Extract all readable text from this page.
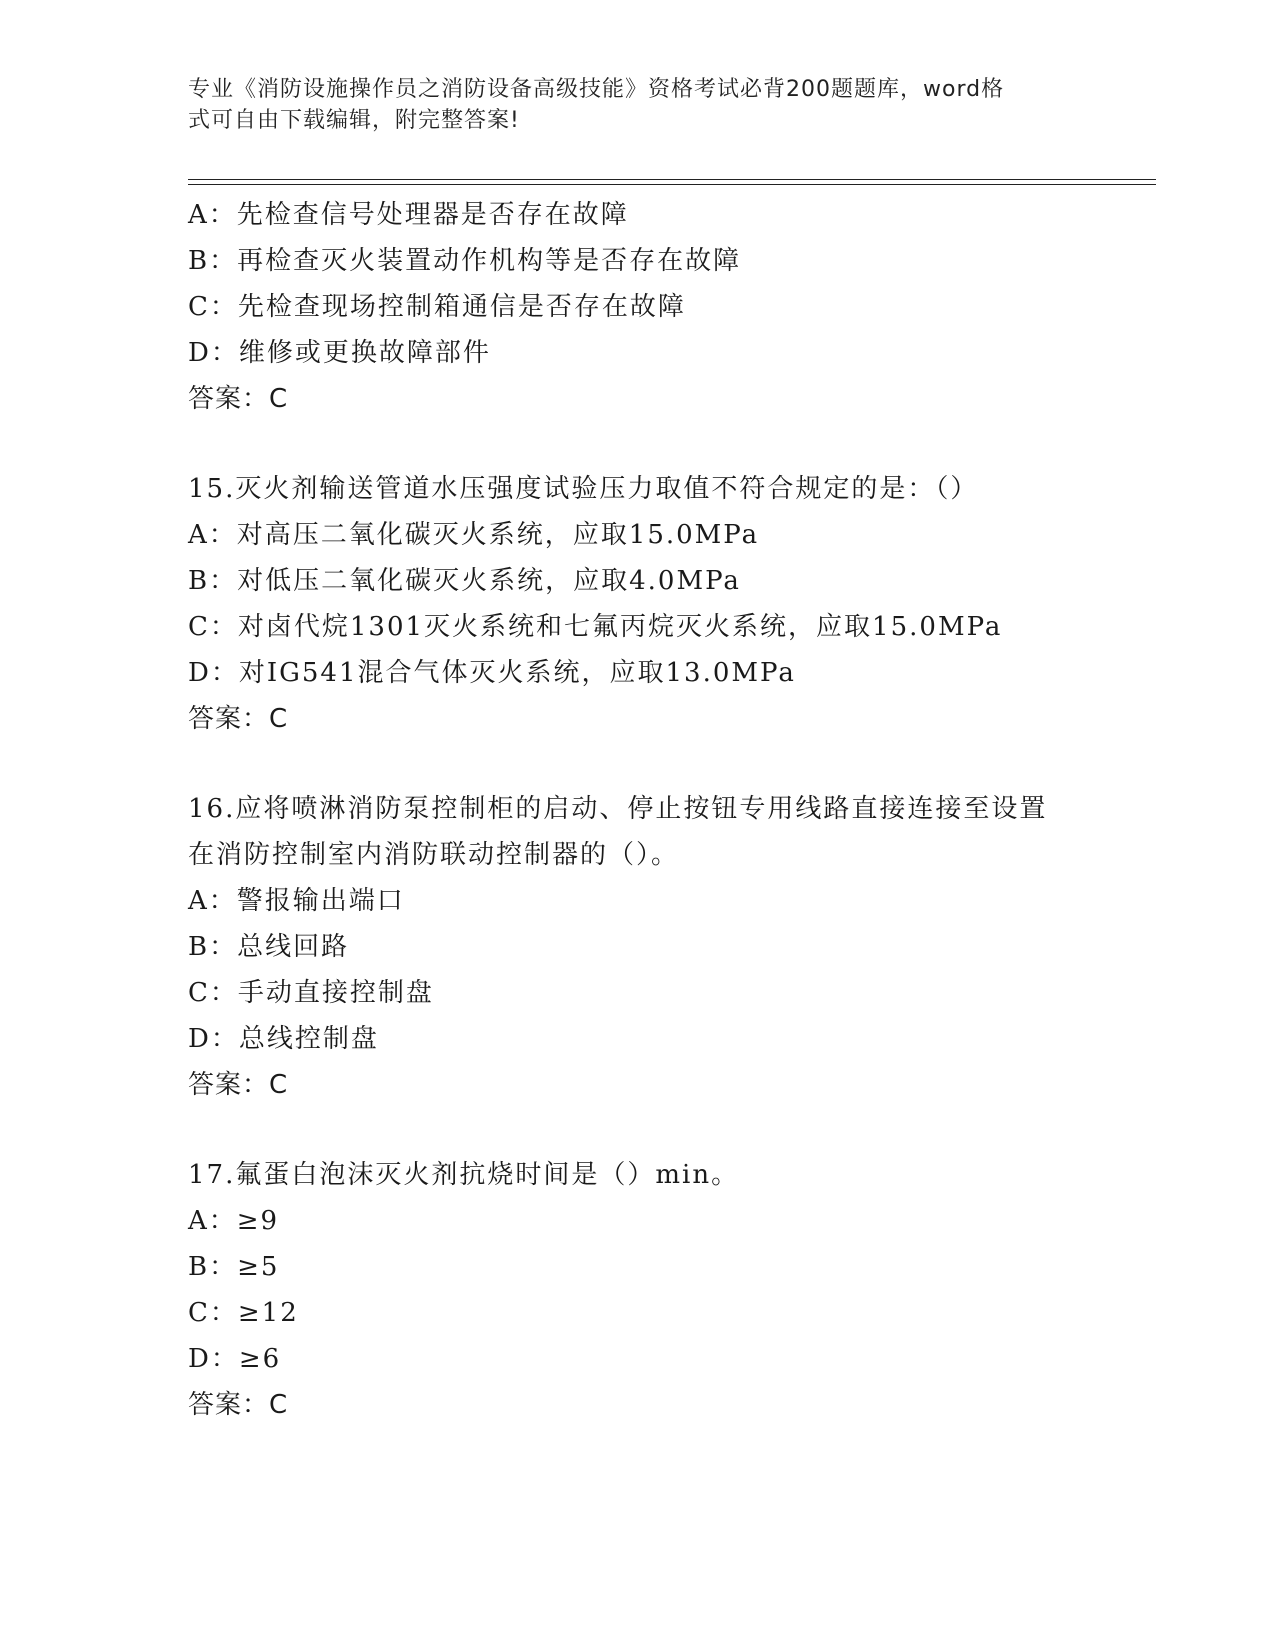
专业《消防设施操作员之消防设备高级技能》资格考试必背200题题库，word格
式可自由下载编辑，附完整答案!
A：先检查信号处理器是否存在故障
B：再检查灭火装置动作机构等是否存在故障
C：先检查现场控制箱通信是否存在故障
D：维修或更换故障部件
答案：C
15.灭火剂输送管道水压强度试验压力取值不符合规定的是：（）
A：对高压二氧化碳灭火系统，应取15.0MPa
B：对低压二氧化碳灭火系统，应取4.0MPa
C：对卤代烷1301灭火系统和七氟丙烷灭火系统，应取15.0MPa
D：对IG541混合气体灭火系统，应取13.0MPa
答案：C
16.应将喷淋消防泵控制柜的启动、停止按钮专用线路直接连接至设置
在消防控制室内消防联动控制器的（）。
A：警报输出端口
B：总线回路
C：手动直接控制盘
D：总线控制盘
答案：C
17.氟蛋白泡沫灭火剂抗烧时间是（）min。
A：≥9
B：≥5
C：≥12
D：≥6
答案：C
